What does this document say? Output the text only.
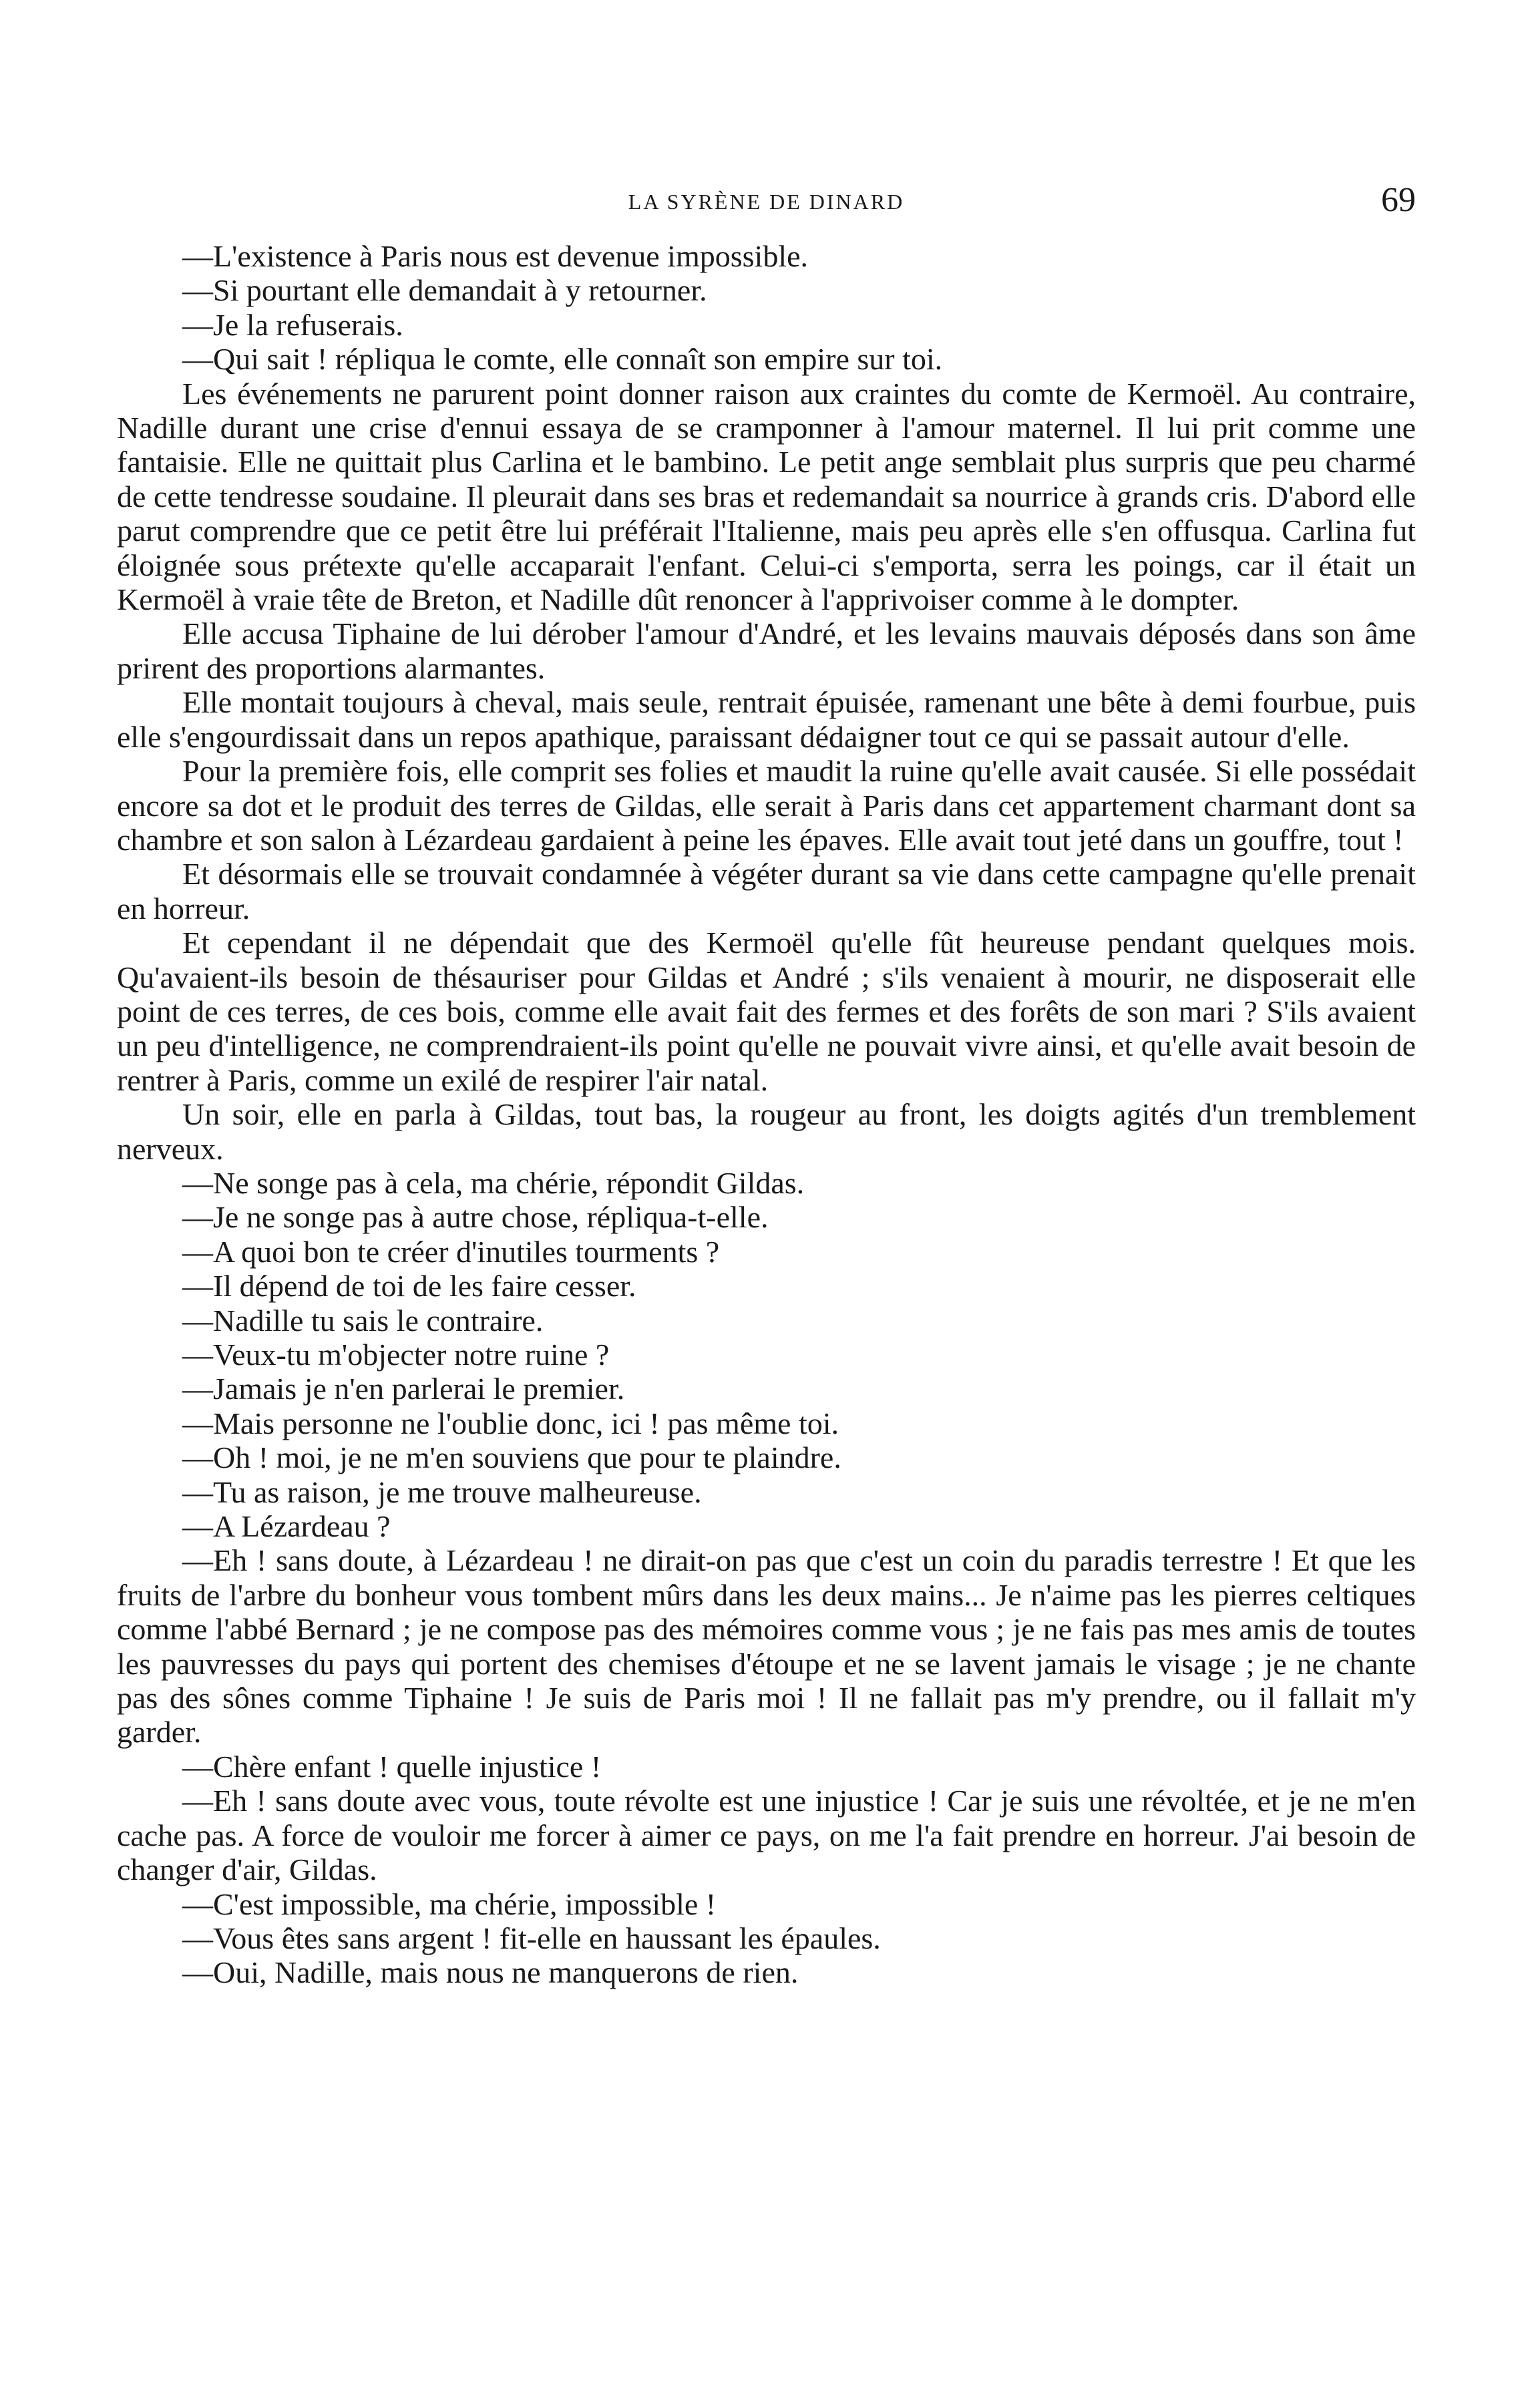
LA SYRÈNE DE DINARD	69

—L'existence à Paris nous est devenue impossible.

—Si pourtant elle demandait à y retourner.

—Je la refuserais.

—Qui sait ! répliqua le comte, elle connaît son empire sur toi.

Les événements ne parurent point donner raison aux craintes du comte de Kermoël. Au contraire, Nadille durant une crise d'ennui essaya de se cramponner à l'amour maternel. Il lui prit comme une fantaisie. Elle ne quittait plus Carlina et le bambino. Le petit ange semblait plus surpris que peu charmé de cette tendresse soudaine. Il pleurait dans ses bras et redemandait sa nourrice à grands cris. D'abord elle parut comprendre que ce petit être lui préférait l'Italienne, mais peu après elle s'en offusqua. Carlina fut éloignée sous prétexte qu'elle accaparait l'enfant. Celui-ci s'emporta, serra les poings, car il était un Kermoël à vraie tête de Breton, et Nadille dût renoncer à l'apprivoiser comme à le dompter.

Elle accusa Tiphaine de lui dérober l'amour d'André, et les levains mauvais déposés dans son âme prirent des proportions alarmantes.

Elle montait toujours à cheval, mais seule, rentrait épuisée, ramenant une bête à demi fourbue, puis elle s'engourdissait dans un repos apathique, paraissant dédaigner tout ce qui se passait autour d'elle.

Pour la première fois, elle comprit ses folies et maudit la ruine qu'elle avait causée. Si elle possédait encore sa dot et le produit des terres de Gildas, elle serait à Paris dans cet appartement charmant dont sa chambre et son salon à Lézardeau gardaient à peine les épaves. Elle avait tout jeté dans un gouffre, tout !

Et désormais elle se trouvait condamnée à végéter durant sa vie dans cette campagne qu'elle prenait en horreur.

Et cependant il ne dépendait que des Kermoël qu'elle fût heureuse pendant quelques mois. Qu'avaient-ils besoin de thésauriser pour Gildas et André ; s'ils venaient à mourir, ne disposerait elle point de ces terres, de ces bois, comme elle avait fait des fermes et des forêts de son mari ? S'ils avaient un peu d'intelligence, ne comprendraient-ils point qu'elle ne pouvait vivre ainsi, et qu'elle avait besoin de rentrer à Paris, comme un exilé de respirer l'air natal.

Un soir, elle en parla à Gildas, tout bas, la rougeur au front, les doigts agités d'un tremblement nerveux.

—Ne songe pas à cela, ma chérie, répondit Gildas.

—Je ne songe pas à autre chose, répliqua-t-elle.

—A quoi bon te créer d'inutiles tourments ?

—Il dépend de toi de les faire cesser.

—Nadille tu sais le contraire.

—Veux-tu m'objecter notre ruine ?

—Jamais je n'en parlerai le premier.

—Mais personne ne l'oublie donc, ici ! pas même toi.

—Oh ! moi, je ne m'en souviens que pour te plaindre.

—Tu as raison, je me trouve malheureuse.

—A Lézardeau ?

—Eh ! sans doute, à Lézardeau ! ne dirait-on pas que c'est un coin du paradis terrestre ! Et que les fruits de l'arbre du bonheur vous tombent mûrs dans les deux mains... Je n'aime pas les pierres celtiques comme l'abbé Bernard ; je ne compose pas des mémoires comme vous ; je ne fais pas mes amis de toutes les pauvresses du pays qui portent des chemises d'étoupe et ne se lavent jamais le visage ; je ne chante pas des sônes comme Tiphaine ! Je suis de Paris moi ! Il ne fallait pas m'y prendre, ou il fallait m'y garder.

—Chère enfant ! quelle injustice !

—Eh ! sans doute avec vous, toute révolte est une injustice ! Car je suis une révoltée, et je ne m'en cache pas. A force de vouloir me forcer à aimer ce pays, on me l'a fait prendre en horreur. J'ai besoin de changer d'air, Gildas.

—C'est impossible, ma chérie, impossible !

—Vous êtes sans argent ! fit-elle en haussant les épaules.

—Oui, Nadille, mais nous ne manquerons de rien.
